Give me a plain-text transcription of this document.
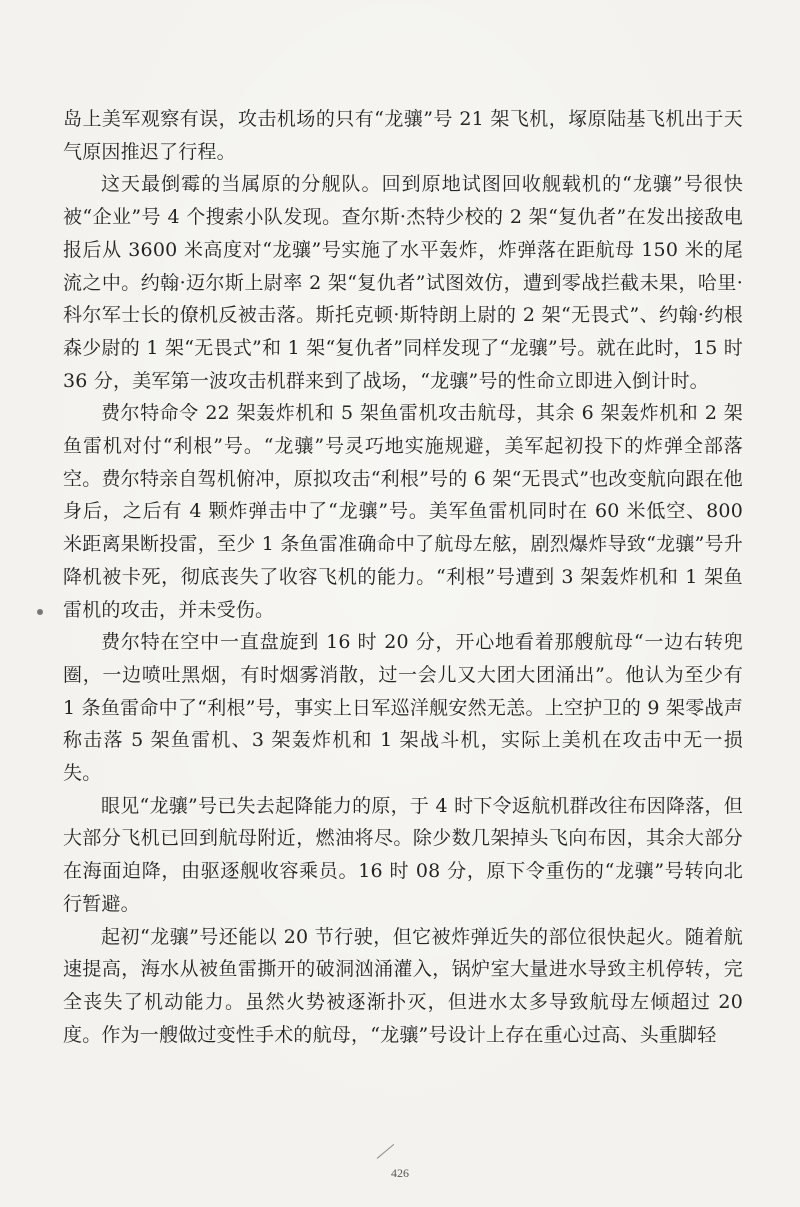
岛上美军观察有误，攻击机场的只有“龙骧”号 21 架飞机，塚原陆基飞机出于天气原因推迟了行程。

这天最倒霉的当属原的分舰队。回到原地试图回收舰载机的“龙骧”号很快被“企业”号 4 个搜索小队发现。查尔斯·杰特少校的 2 架“复仇者”在发出接敌电报后从 3600 米高度对“龙骧”号实施了水平轰炸，炸弹落在距航母 150 米的尾流之中。约翰·迈尔斯上尉率 2 架“复仇者”试图效仿，遭到零战拦截未果，哈里·科尔军士长的僚机反被击落。斯托克顿·斯特朗上尉的 2 架“无畏式”、约翰·约根森少尉的 1 架“无畏式”和 1 架“复仇者”同样发现了“龙骧”号。就在此时，15 时 36 分，美军第一波攻击机群来到了战场，“龙骧”号的性命立即进入倒计时。

费尔特命令 22 架轰炸机和 5 架鱼雷机攻击航母，其余 6 架轰炸机和 2 架鱼雷机对付“利根”号。“龙骧”号灵巧地实施规避，美军起初投下的炸弹全部落空。费尔特亲自驾机俯冲，原拟攻击“利根”号的 6 架“无畏式”也改变航向跟在他身后，之后有 4 颗炸弹击中了“龙骧”号。美军鱼雷机同时在 60 米低空、800 米距离果断投雷，至少 1 条鱼雷准确命中了航母左舷，剧烈爆炸导致“龙骧”号升降机被卡死，彻底丧失了收容飞机的能力。“利根”号遭到 3 架轰炸机和 1 架鱼雷机的攻击，并未受伤。

费尔特在空中一直盘旋到 16 时 20 分，开心地看着那艘航母“一边右转兜圈，一边喷吐黑烟，有时烟雾消散，过一会儿又大团大团涌出”。他认为至少有 1 条鱼雷命中了“利根”号，事实上日军巡洋舰安然无恙。上空护卫的 9 架零战声称击落 5 架鱼雷机、3 架轰炸机和 1 架战斗机，实际上美机在攻击中无一损失。

眼见“龙骧”号已失去起降能力的原，于 4 时下令返航机群改往布因降落，但大部分飞机已回到航母附近，燃油将尽。除少数几架掉头飞向布因，其余大部分在海面迫降，由驱逐舰收容乘员。16 时 08 分，原下令重伤的“龙骧”号转向北行暂避。

起初“龙骧”号还能以 20 节行驶，但它被炸弹近失的部位很快起火。随着航速提高，海水从被鱼雷撕开的破洞汹涌灌入，锅炉室大量进水导致主机停转，完全丧失了机动能力。虽然火势被逐渐扑灭，但进水太多导致航母左倾超过 20 度。作为一艘做过变性手术的航母，“龙骧”号设计上存在重心过高、头重脚轻

426
